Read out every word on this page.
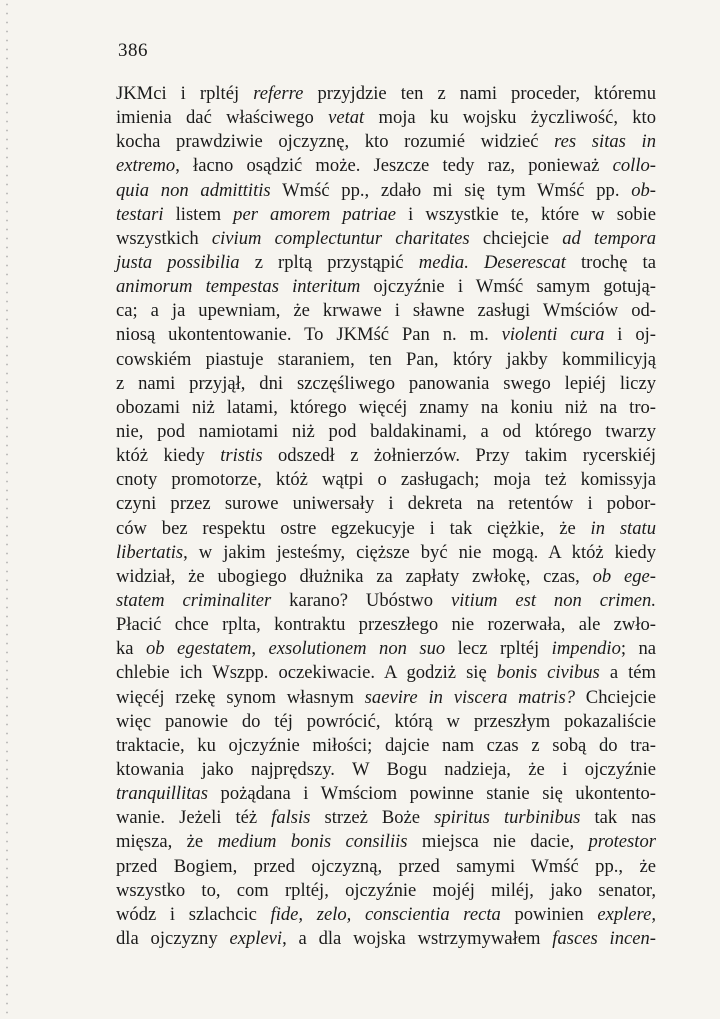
386
JKMci i rpltéj referre przyjdzie ten z nami proceder, któremu
imienia dać właściwego vetat moja ku wojsku życzliwość, kto
kocha prawdziwie ojczyznę, kto rozumié widzieć res sitas in
extremo, łacno osądzić może. Jeszcze tedy raz, ponieważ collo-
quia non admittitis Wmść pp., zdało mi się tym Wmść pp. ob-
testari listem per amorem patriae i wszystkie te, które w sobie
wszystkich civium complectuntur charitates chciejcie ad tempora
justa possibilia z rpltą przystąpić media. Deserescat trochę ta
animorum tempestas interitum ojczyźnie i Wmść samym gotują-
ca; a ja upewniam, że krwawe i sławne zasługi Wmściów od-
niosą ukontentowanie. To JKMść Pan n. m. violenti cura i oj-
cowskiém piastuje staraniem, ten Pan, który jakby kommilicyją
z nami przyjął, dni szczęśliwego panowania swego lepiéj liczy
obozami niż latami, którego więcéj znamy na koniu niż na tro-
nie, pod namiotami niż pod baldakinami, a od którego twarzy
któż kiedy tristis odszedł z żołnierzów. Przy takim rycerskiéj
cnoty promotorze, któż wątpi o zasługach; moja też komissyja
czyni przez surowe uniwersały i dekreta na retentów i pobor-
ców bez respektu ostre egzekucyje i tak ciężkie, że in statu
libertatis, w jakim jesteśmy, cięższe być nie mogą. A któż kiedy
widział, że ubogiego dłużnika za zapłaty zwłokę, czas, ob ege-
statem criminaliter karano? Ubóstwo vitium est non crimen.
Płacić chce rplta, kontraktu przeszłego nie rozerwała, ale zwło-
ka ob egestatem, exsolutionem non suo lecz rpltéj impendio; na
chlebie ich Wszpp. oczekiwacie. A godziż się bonis civibus a tém
więcéj rzekę synom własnym saevire in viscera matris? Chciejcie
więc panowie do téj powrócić, którą w przeszłym pokazaliście
traktacie, ku ojczyźnie miłości; dajcie nam czas z sobą do tra-
ktowania jako najprędszy. W Bogu nadzieja, że i ojczyźnie
tranquillitas pożądana i Wmściom powinne stanie się ukontento-
wanie. Jeżeli téż falsis strzeż Boże spiritus turbinibus tak nas
mięsza, że medium bonis consiliis miejsca nie dacie, protestor
przed Bogiem, przed ojczyzną, przed samymi Wmść pp., że
wszystko to, com rpltéj, ojczyźnie mojéj miléj, jako senator,
wódz i szlachcic fide, zelo, conscientia recta powinien explere,
dla ojczyzny explevi, a dla wojska wstrzymywałem fasces incen-
